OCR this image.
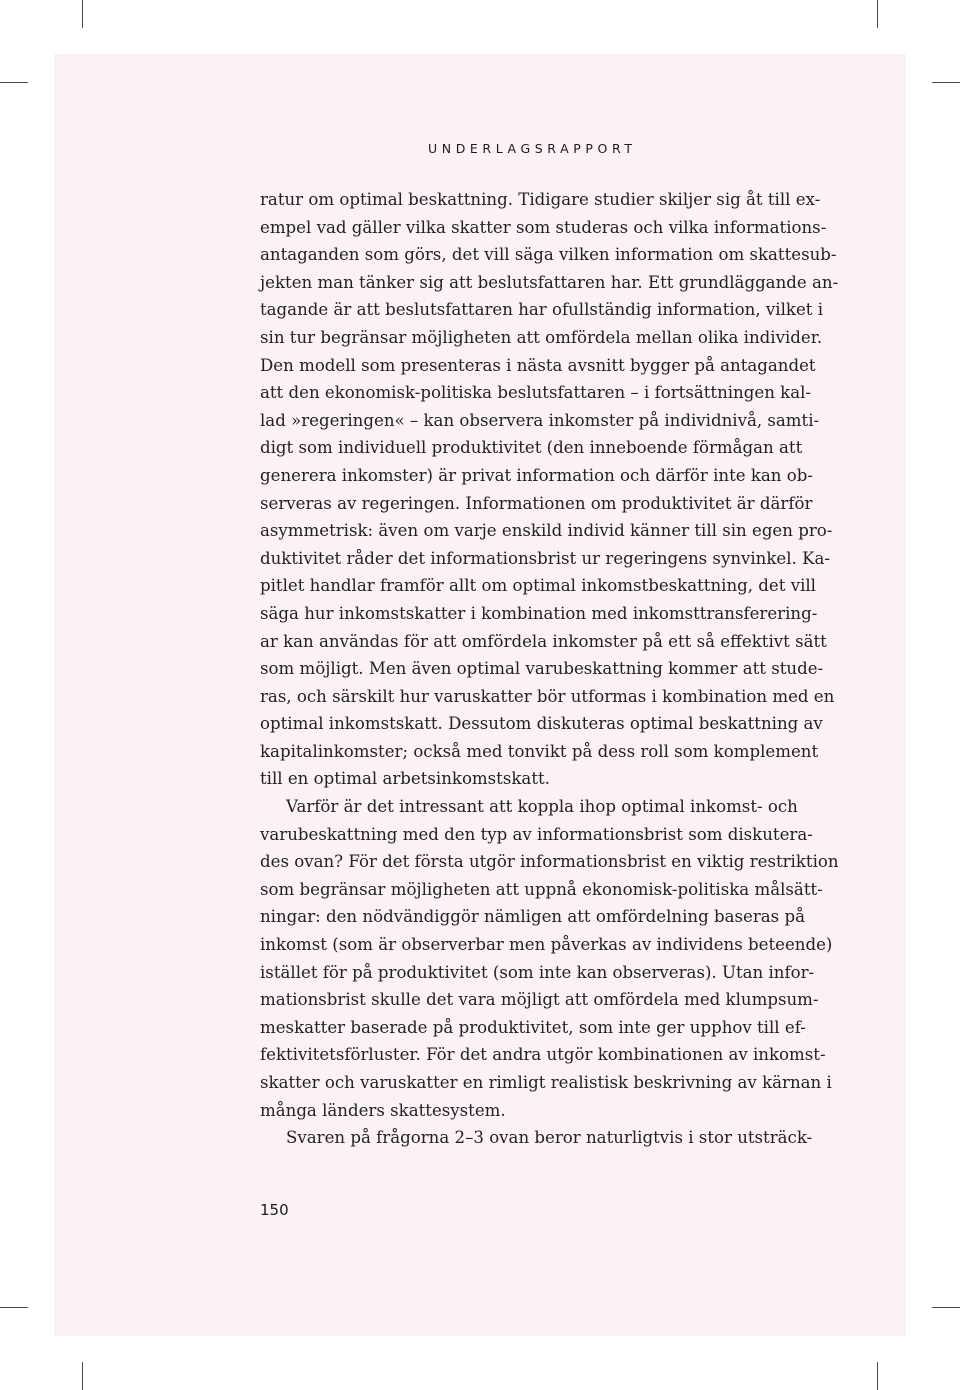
UNDERLAGSRAPPORT
ratur om optimal beskattning. Tidigare studier skiljer sig åt till ex-
empel vad gäller vilka skatter som studeras och vilka informations-
antaganden som görs, det vill säga vilken information om skattesub-
jekten man tänker sig att beslutsfattaren har. Ett grundläggande an-
tagande är att beslutsfattaren har ofullständig information, vilket i
sin tur begränsar möjligheten att omfördela mellan olika individer.
Den modell som presenteras i nästa avsnitt bygger på antagandet
att den ekonomisk-politiska beslutsfattaren – i fortsättningen kal-
lad »regeringen« – kan observera inkomster på individnivå, samti-
digt som individuell produktivitet (den inneboende förmågan att
generera inkomster) är privat information och därför inte kan ob-
serveras av regeringen. Informationen om produktivitet är därför
asymmetrisk: även om varje enskild individ känner till sin egen pro-
duktivitet råder det informationsbrist ur regeringens synvinkel. Ka-
pitlet handlar framför allt om optimal inkomstbeskattning, det vill
säga hur inkomstskatter i kombination med inkomsttransferering-
ar kan användas för att omfördela inkomster på ett så effektivt sätt
som möjligt. Men även optimal varubeskattning kommer att stude-
ras, och särskilt hur varuskatter bör utformas i kombination med en
optimal inkomstskatt. Dessutom diskuteras optimal beskattning av
kapitalinkomster; också med tonvikt på dess roll som komplement
till en optimal arbetsinkomstskatt.
Varför är det intressant att koppla ihop optimal inkomst- och
varubeskattning med den typ av informationsbrist som diskutera-
des ovan? För det första utgör informationsbrist en viktig restriktion
som begränsar möjligheten att uppnå ekonomisk-politiska målsätt-
ningar: den nödvändiggör nämligen att omfördelning baseras på
inkomst (som är observerbar men påverkas av individens beteende)
istället för på produktivitet (som inte kan observeras). Utan infor-
mationsbrist skulle det vara möjligt att omfördela med klumpsum-
meskatter baserade på produktivitet, som inte ger upphov till ef-
fektivitetsförluster. För det andra utgör kombinationen av inkomst-
skatter och varuskatter en rimligt realistisk beskrivning av kärnan i
många länders skattesystem.
Svaren på frågorna 2–3 ovan beror naturligtvis i stor utsträck-
150
